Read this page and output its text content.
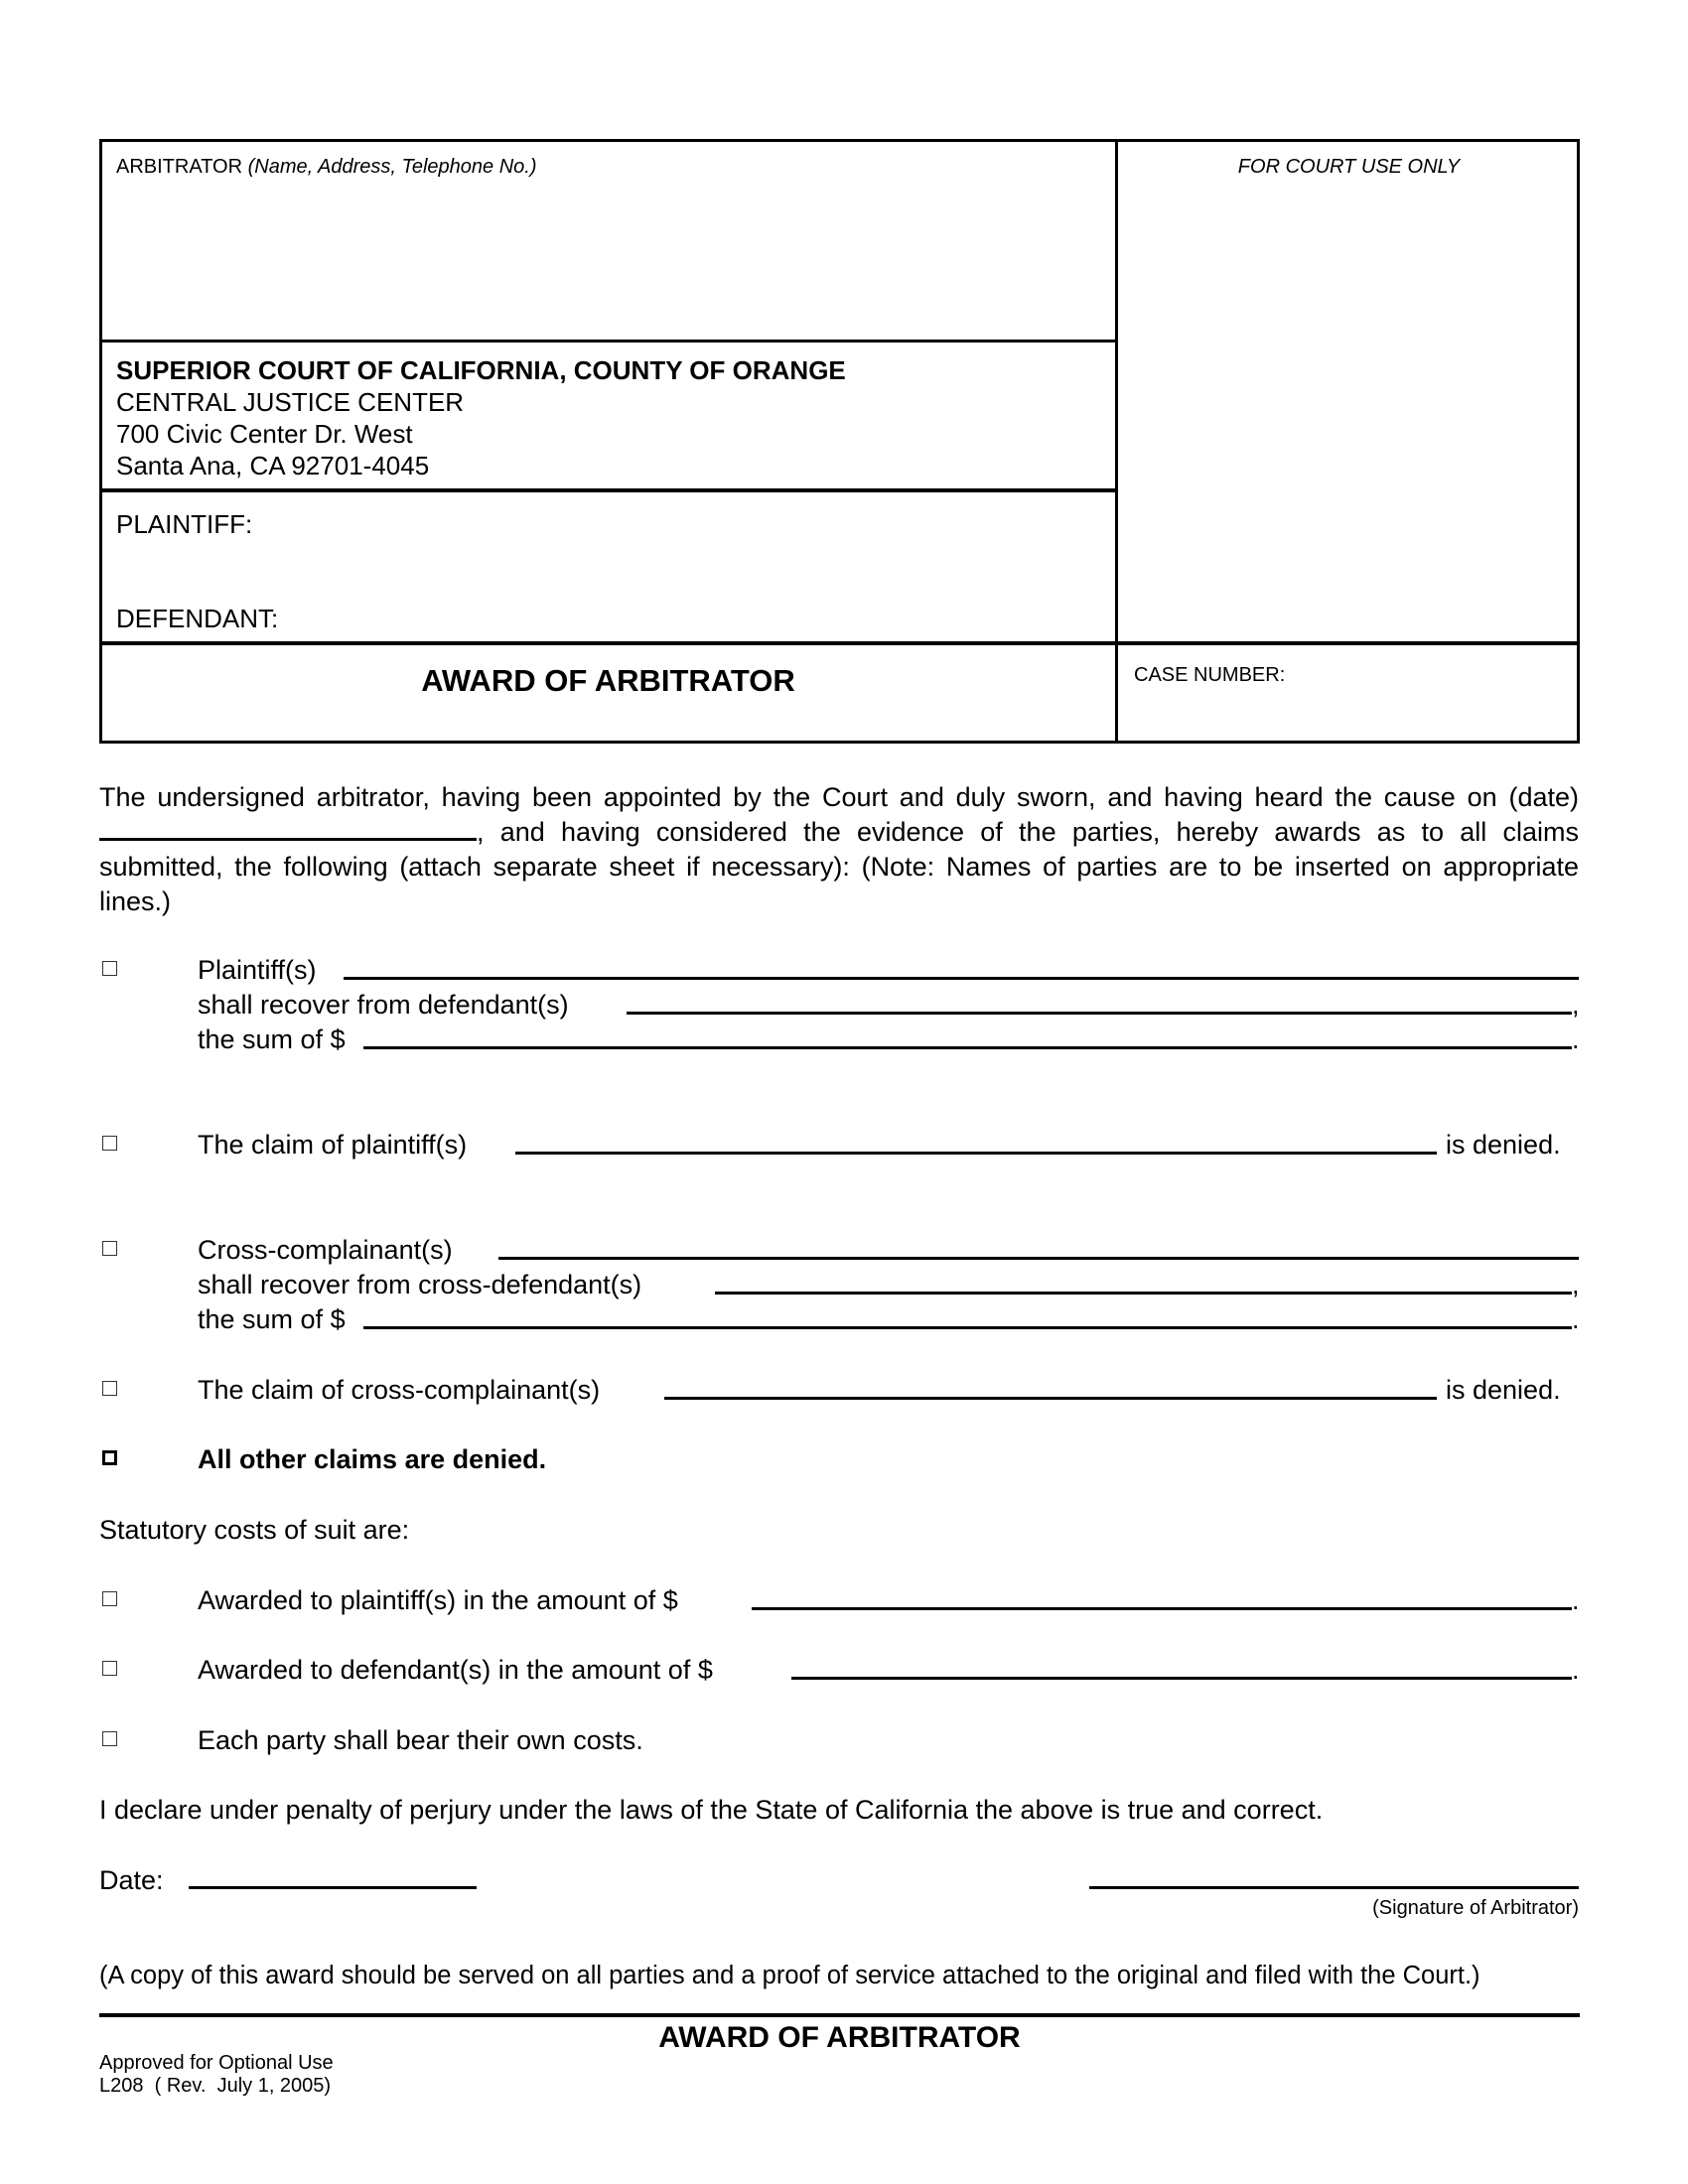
ARBITRATOR (Name, Address, Telephone No.)	FOR COURT USE ONLY
SUPERIOR COURT OF CALIFORNIA, COUNTY OF ORANGE
CENTRAL JUSTICE CENTER
700 Civic Center Dr. West
Santa Ana, CA 92701-4045
PLAINTIFF:
DEFENDANT:
AWARD OF ARBITRATOR	CASE NUMBER:
The undersigned arbitrator, having been appointed by the Court and duly sworn, and having heard the cause on (date) , and having considered the evidence of the parties, hereby awards as to all claims submitted, the following (attach separate sheet if necessary): (Note: Names of parties are to be inserted on appropriate lines.)
Plaintiff(s)
shall recover from defendant(s)	,
the sum of $	.
The claim of plaintiff(s)	is denied.
Cross-complainant(s)
shall recover from cross-defendant(s)	,
the sum of $	.
The claim of cross-complainant(s)	is denied.
All other claims are denied.
Statutory costs of suit are:
Awarded to plaintiff(s) in the amount of $	.
Awarded to defendant(s) in the amount of $	.
Each party shall bear their own costs.
I declare under penalty of perjury under the laws of the State of California the above is true and correct.
Date:
(Signature of Arbitrator)
(A copy of this award should be served on all parties and a proof of service attached to the original and filed with the Court.)
AWARD OF ARBITRATOR
Approved for Optional Use
L208  ( Rev.  July 1, 2005)
